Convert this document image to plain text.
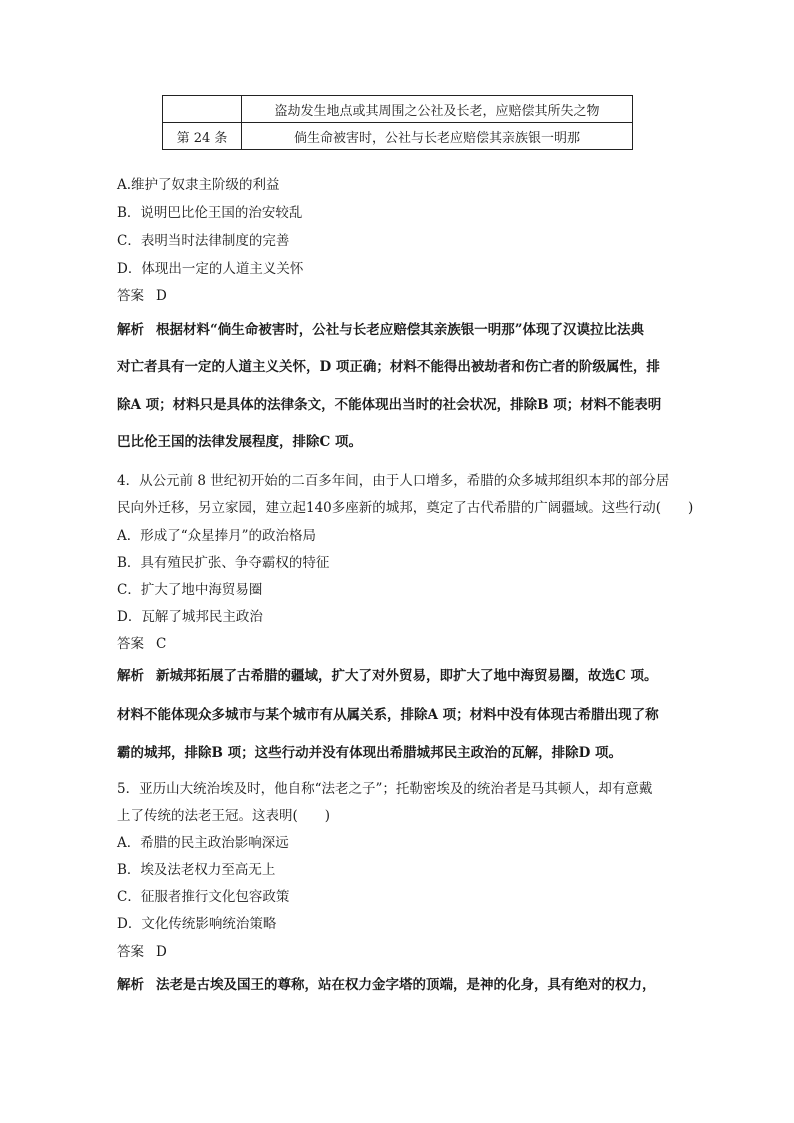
	盗劫发生地点或其周围之公社及长老，应赔偿其所失之物
第 24 条	倘生命被害时，公社与长老应赔偿其亲族银一明那
A.维护了奴隶主阶级的利益
B．说明巴比伦王国的治安较乱
C．表明当时法律制度的完善
D．体现出一定的人道主义关怀
答案 D
解析 根据材料“倘生命被害时，公社与长老应赔偿其亲族银一明那”体现了汉谟拉比法典
对亡者具有一定的人道主义关怀，D 项正确；材料不能得出被劫者和伤亡者的阶级属性，排
除A 项；材料只是具体的法律条文，不能体现出当时的社会状况，排除B 项；材料不能表明
巴比伦王国的法律发展程度，排除C 项。
4．从公元前 8 世纪初开始的二百多年间，由于人口增多，希腊的众多城邦组织本邦的部分居
民向外迁移，另立家园，建立起140多座新的城邦，奠定了古代希腊的广阔疆域。这些行动(　　)
A．形成了“众星捧月”的政治格局
B．具有殖民扩张、争夺霸权的特征
C．扩大了地中海贸易圈
D．瓦解了城邦民主政治
答案 C
解析 新城邦拓展了古希腊的疆域，扩大了对外贸易，即扩大了地中海贸易圈，故选C 项。
材料不能体现众多城市与某个城市有从属关系，排除A 项；材料中没有体现古希腊出现了称
霸的城邦，排除B 项；这些行动并没有体现出希腊城邦民主政治的瓦解，排除D 项。
5．亚历山大统治埃及时，他自称“法老之子”；托勒密埃及的统治者是马其顿人，却有意戴
上了传统的法老王冠。这表明(　　)
A．希腊的民主政治影响深远
B．埃及法老权力至高无上
C．征服者推行文化包容政策
D．文化传统影响统治策略
答案 D
解析 法老是古埃及国王的尊称，站在权力金字塔的顶端，是神的化身，具有绝对的权力，
